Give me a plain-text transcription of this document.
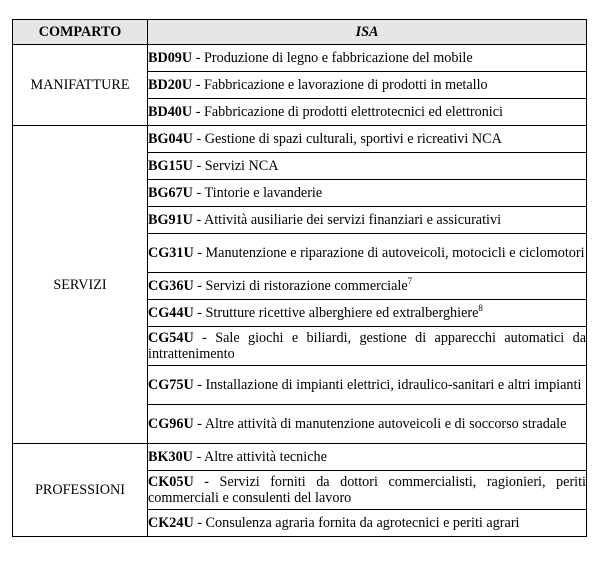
COMPARTO	ISA
MANIFATTURE	BD09U - Produzione di legno e fabbricazione del mobile
	BD20U - Fabbricazione e lavorazione di prodotti in metallo
	BD40U - Fabbricazione di prodotti elettrotecnici ed elettronici
SERVIZI	BG04U - Gestione di spazi culturali, sportivi e ricreativi NCA
	BG15U - Servizi NCA
	BG67U - Tintorie e lavanderie
	BG91U - Attività ausiliarie dei servizi finanziari e assicurativi
	CG31U - Manutenzione e riparazione di autoveicoli, motocicli e ciclomotori
	CG36U - Servizi di ristorazione commerciale$^7$
	CG44U - Strutture ricettive alberghiere ed extralberghiere$^8$
	CG54U - Sale giochi e biliardi, gestione di apparecchi automatici da intrattenimento
	CG75U - Installazione di impianti elettrici, idraulico-sanitari e altri impianti
	CG96U - Altre attività di manutenzione autoveicoli e di soccorso stradale
PROFESSIONI	BK30U - Altre attività tecniche
	CK05U - Servizi forniti da dottori commercialisti, ragionieri, periti commerciali e consulenti del lavoro
	CK24U - Consulenza agraria fornita da agrotecnici e periti agrari
